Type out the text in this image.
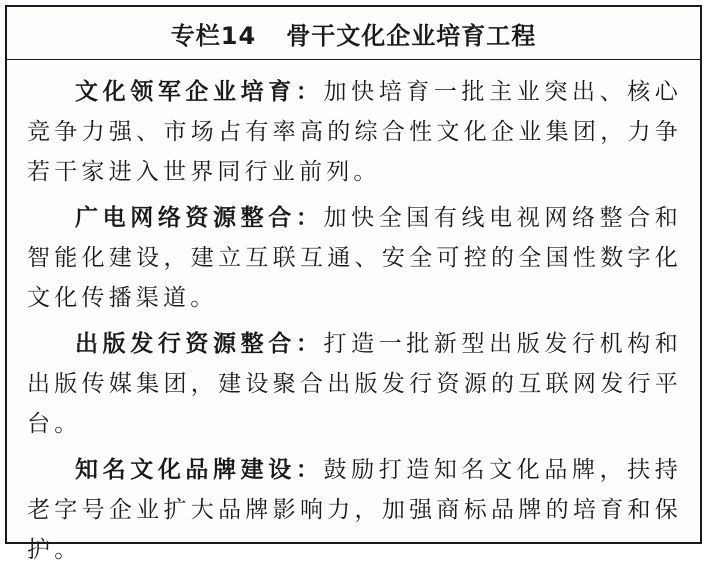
专栏14 骨干文化企业培育工程

文化领军企业培育：加快培育一批主业突出、核心竞争力强、市场占有率高的综合性文化企业集团，力争若干家进入世界同行业前列。

广电网络资源整合：加快全国有线电视网络整合和智能化建设，建立互联互通、安全可控的全国性数字化文化传播渠道。

出版发行资源整合：打造一批新型出版发行机构和出版传媒集团，建设聚合出版发行资源的互联网发行平台。

知名文化品牌建设：鼓励打造知名文化品牌，扶持老字号企业扩大品牌影响力，加强商标品牌的培育和保护。
